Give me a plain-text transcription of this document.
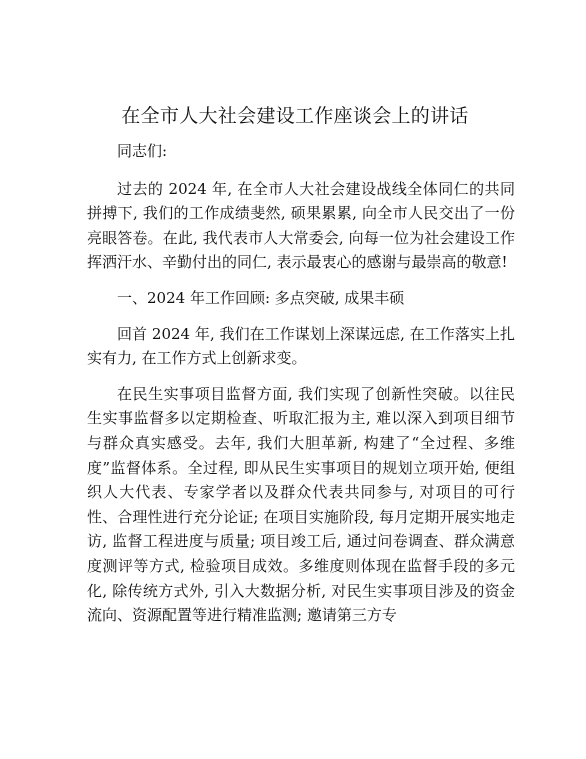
在全市人大社会建设工作座谈会上的讲话

同志们:

过去的 2024 年, 在全市人大社会建设战线全体同仁的共同拼搏下, 我们的工作成绩斐然, 硕果累累, 向全市人民交出了一份亮眼答卷。在此, 我代表市人大常委会, 向每一位为社会建设工作挥洒汗水、辛勤付出的同仁, 表示最衷心的感谢与最崇高的敬意!

一、2024 年工作回顾: 多点突破, 成果丰硕

回首 2024 年, 我们在工作谋划上深谋远虑, 在工作落实上扎实有力, 在工作方式上创新求变。

在民生实事项目监督方面, 我们实现了创新性突破。以往民生实事监督多以定期检查、听取汇报为主, 难以深入到项目细节与群众真实感受。去年, 我们大胆革新, 构建了“全过程、多维度”监督体系。全过程, 即从民生实事项目的规划立项开始, 便组织人大代表、专家学者以及群众代表共同参与, 对项目的可行性、合理性进行充分论证; 在项目实施阶段, 每月定期开展实地走访, 监督工程进度与质量; 项目竣工后, 通过问卷调查、群众满意度测评等方式, 检验项目成效。多维度则体现在监督手段的多元化, 除传统方式外, 引入大数据分析, 对民生实事项目涉及的资金流向、资源配置等进行精准监测; 邀请第三方专
